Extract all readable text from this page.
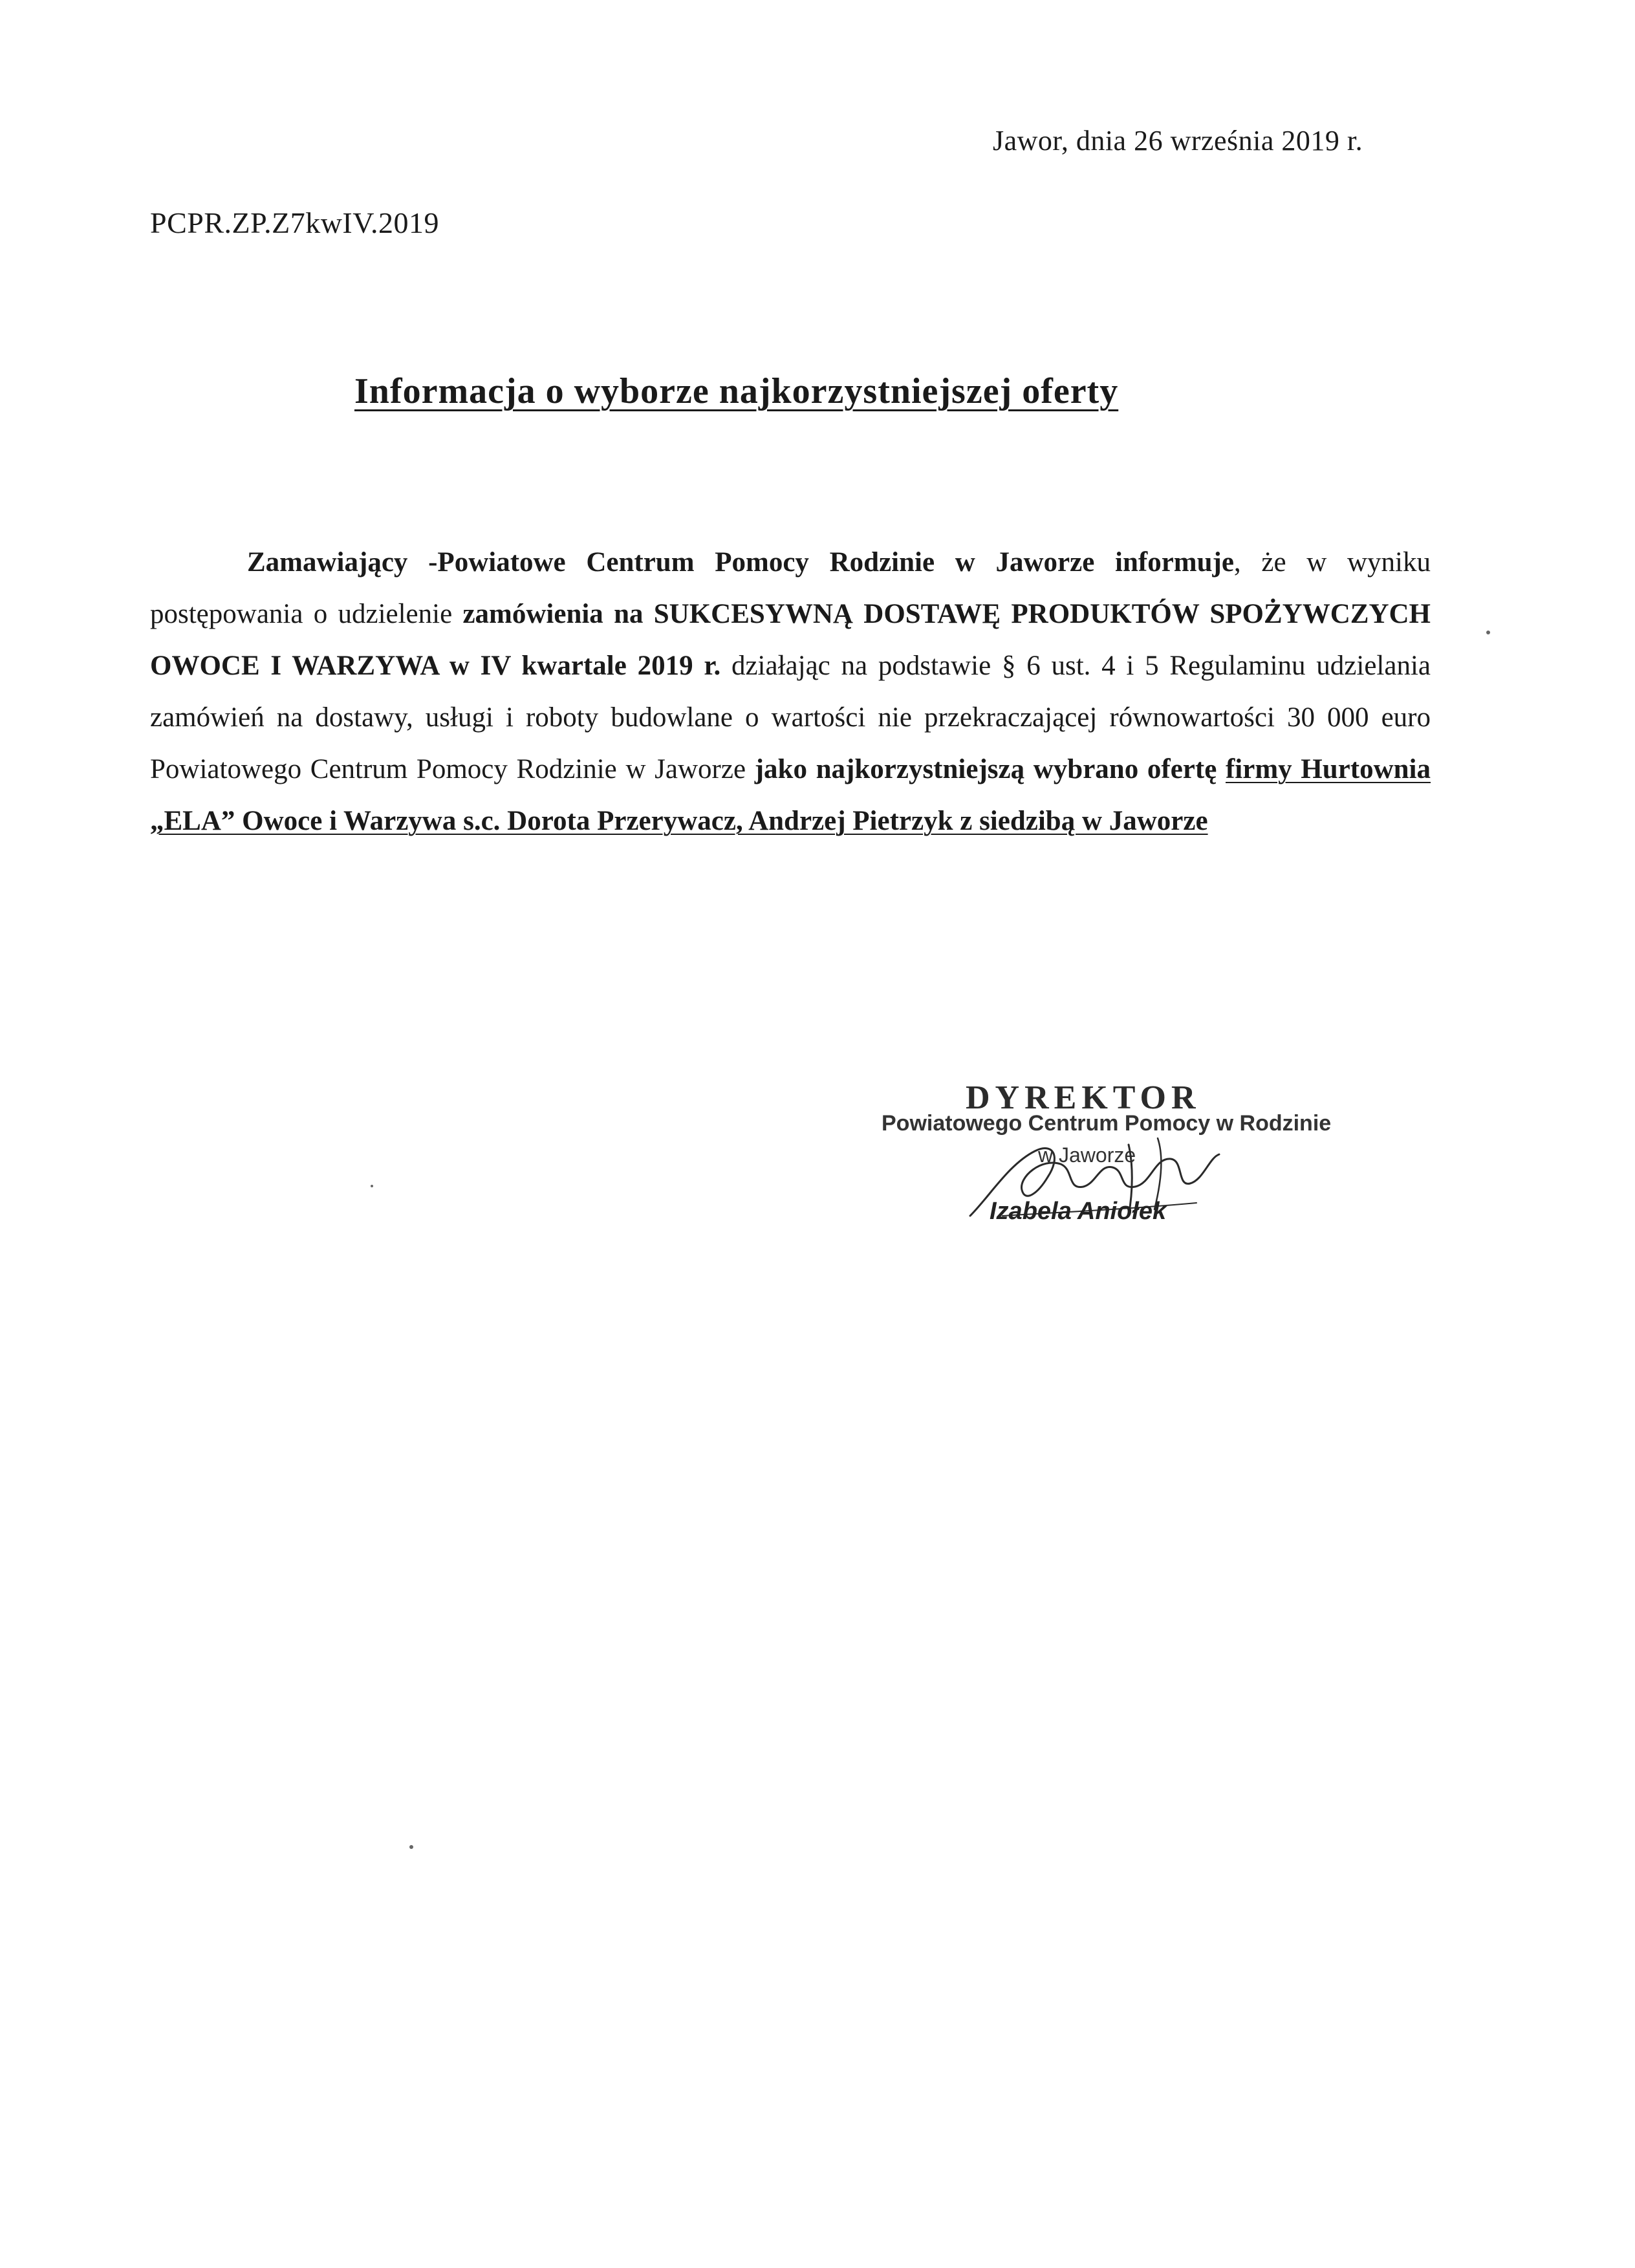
Jawor, dnia 26 września 2019 r.
PCPR.ZP.Z7kwIV.2019
Informacja o wyborze najkorzystniejszej oferty
Zamawiający -Powiatowe Centrum Pomocy Rodzinie w Jaworze informuje, że w wyniku postępowania o udzielenie zamówienia na SUKCESYWNĄ DOSTAWĘ PRODUKTÓW SPOŻYWCZYCH OWOCE I WARZYWA w IV kwartale 2019 r. działając na podstawie § 6 ust. 4 i 5 Regulaminu udzielania zamówień na dostawy, usługi i roboty budowlane o wartości nie przekraczającej równowartości 30 000 euro Powiatowego Centrum Pomocy Rodzinie w Jaworze jako najkorzystniejszą wybrano ofertę firmy Hurtownia „ELA” Owoce i Warzywa s.c. Dorota Przerywacz, Andrzej Pietrzyk z siedzibą w Jaworze
DYREKTOR
Powiatowego Centrum Pomocy w Rodzinie
w Jaworze
Izabela Aniołek
